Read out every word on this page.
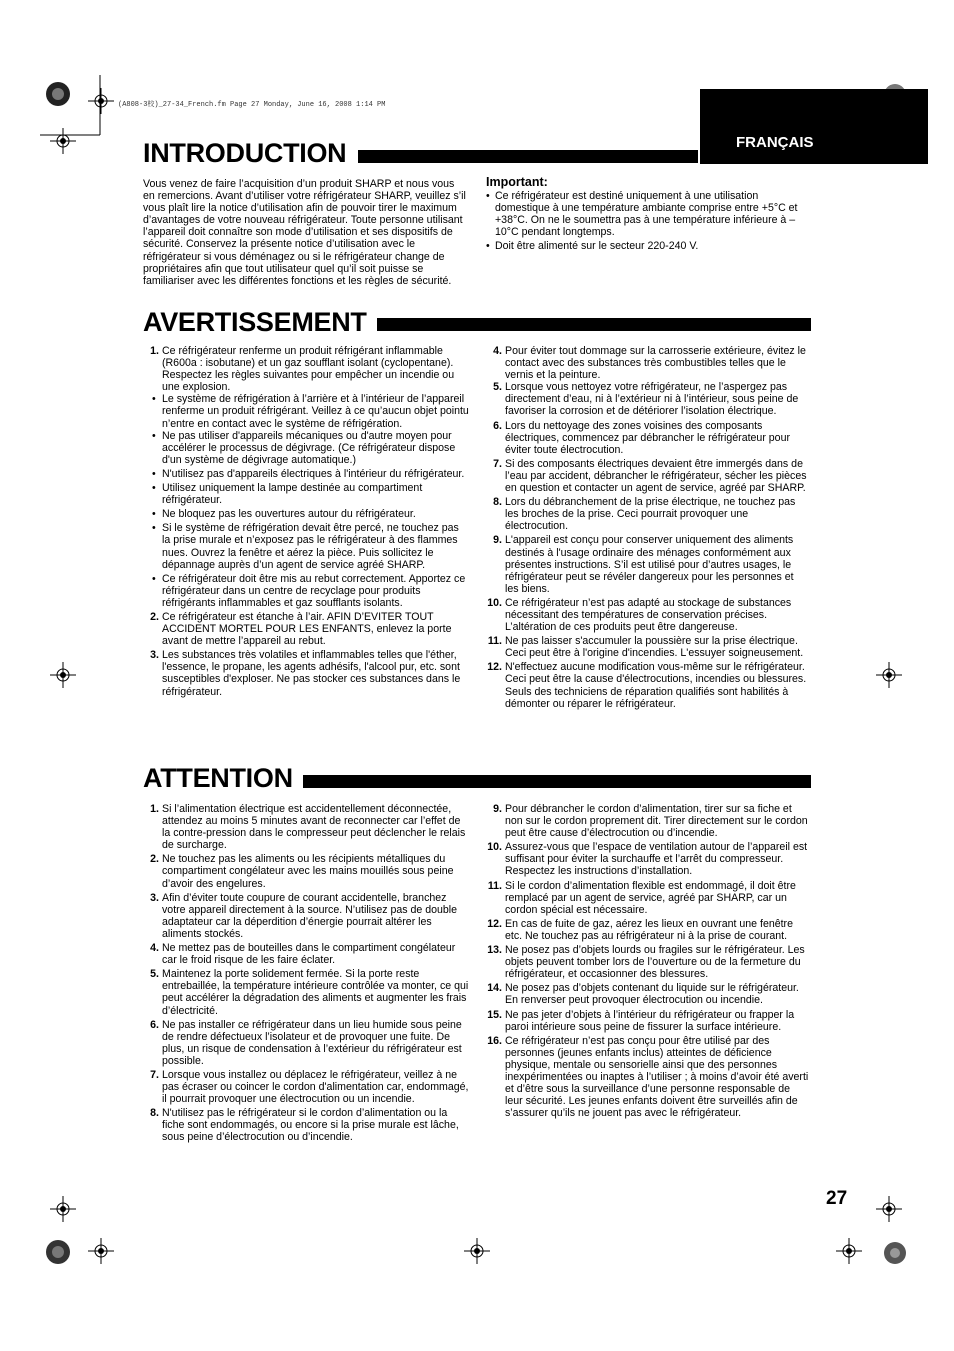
(A808-3校)_27-34_French.fm Page 27 Monday, June 16, 2008 1:14 PM
FRANÇAIS
INTRODUCTION

Vous venez de faire l’acquisition d’un produit SHARP et nous vous en remercions. Avant d’utiliser votre réfrigérateur SHARP, veuillez s’il vous plaît lire la notice d’utilisation afin de pouvoir tirer le maximum d’avantages de votre nouveau réfrigérateur. Toute personne utilisant l’appareil doit connaître son mode d’utilisation et ses dispositifs de sécurité. Conservez la présente notice d’utilisation avec le réfrigérateur si vous déménagez ou si le réfrigérateur change de propriétaires afin que tout utilisateur quel qu’il soit puisse se familiariser avec les différentes fonctions et les règles de sécurité.

Important:
• Ce réfrigérateur est destiné uniquement à une utilisation domestique à une température ambiante comprise entre +5°C et +38°C. On ne le soumettra pas à une température inférieure à –10°C pendant longtemps.
• Doit être alimenté sur le secteur 220-240 V.
AVERTISSEMENT
1. Ce réfrigérateur renferme un produit réfrigérant inflammable (R600a : isobutane) et un gaz soufflant isolant (cyclopentane). Respectez les règles suivantes pour empêcher un incendie ou une explosion.
• Le système de réfrigération à l’arrière et à l’intérieur de l’appareil renferme un produit réfrigérant. Veillez à ce qu’aucun objet pointu n’entre en contact avec le système de réfrigération.
• Ne pas utiliser d'appareils mécaniques ou d'autre moyen pour accélérer le processus de dégivrage. (Ce réfrigérateur dispose d'un système de dégivrage automatique.)
• N'utilisez pas d'appareils électriques à l'intérieur du réfrigérateur.
• Utilisez uniquement la lampe destinée au compartiment réfrigérateur.
• Ne bloquez pas les ouvertures autour du réfrigérateur.
• Si le système de réfrigération devait être percé, ne touchez pas la prise murale et n’exposez pas le réfrigérateur à des flammes nues. Ouvrez la fenêtre et aérez la pièce. Puis sollicitez le dépannage auprès d’un agent de service agréé SHARP.
• Ce réfrigérateur doit être mis au rebut correctement. Apportez ce réfrigérateur dans un centre de recyclage pour produits réfrigérants inflammables et gaz soufflants isolants.
2. Ce réfrigérateur est étanche à l’air. AFIN D’EVITER TOUT ACCIDENT MORTEL POUR LES ENFANTS, enlevez la porte avant de mettre l’appareil au rebut.
3. Les substances très volatiles et inflammables telles que l'éther, l'essence, le propane, les agents adhésifs, l'alcool pur, etc. sont susceptibles d'exploser. Ne pas stocker ces substances dans le réfrigérateur.
4. Pour éviter tout dommage sur la carrosserie extérieure, évitez le contact avec des substances très combustibles telles que le vernis et la peinture.
5. Lorsque vous nettoyez votre réfrigérateur, ne l’aspergez pas directement d’eau, ni à l’extérieur ni à l’intérieur, sous peine de favoriser la corrosion et de détériorer l’isolation électrique.
6. Lors du nettoyage des zones voisines des composants électriques, commencez par débrancher le réfrigérateur pour éviter toute électrocution.
7. Si des composants électriques devaient être immergés dans de l’eau par accident, débrancher le réfrigérateur, sécher les pièces en question et contacter un agent de service, agréé par SHARP.
8. Lors du débranchement de la prise électrique, ne touchez pas les broches de la prise. Ceci pourrait provoquer une électrocution.
9. L'appareil est conçu pour conserver uniquement des aliments destinés à l'usage ordinaire des ménages conformément aux présentes instructions. S’il est utilisé pour d’autres usages, le réfrigérateur peut se révéler dangereux pour les personnes et les biens.
10. Ce réfrigérateur n’est pas adapté au stockage de substances nécessitant des températures de conservation précises. L’altération de ces produits peut être dangereuse.
11. Ne pas laisser s'accumuler la poussière sur la prise électrique. Ceci peut être à l'origine d'incendies. L'essuyer soigneusement.
12. N'effectuez aucune modification vous-même sur le réfrigérateur. Ceci peut être la cause d'électrocutions, incendies ou blessures. Seuls des techniciens de réparation qualifiés sont habilités à démonter ou réparer le réfrigérateur.
ATTENTION
1. Si l’alimentation électrique est accidentellement déconnectée, attendez au moins 5 minutes avant de reconnecter car l’effet de la contre-pression dans le compresseur peut déclencher le relais de surcharge.
2. Ne touchez pas les aliments ou les récipients métalliques du compartiment congélateur avec les mains mouillés sous peine d’avoir des engelures.
3. Afin d’éviter toute coupure de courant accidentelle, branchez votre appareil directement à la source. N’utilisez pas de double adaptateur car la déperdition d’énergie pourrait altérer les aliments stockés.
4. Ne mettez pas de bouteilles dans le compartiment congélateur car le froid risque de les faire éclater.
5. Maintenez la porte solidement fermée. Si la porte reste entrebaillée, la température intérieure contrôlée va monter, ce qui peut accélérer la dégradation des aliments et augmenter les frais d’électricité.
6. Ne pas installer ce réfrigérateur dans un lieu humide sous peine de rendre défectueux l’isolateur et de provoquer une fuite. De plus, un risque de condensation à l’extérieur du réfrigérateur est possible.
7. Lorsque vous installez ou déplacez le réfrigérateur, veillez à ne pas écraser ou coincer le cordon d'alimentation car, endommagé, il pourrait provoquer une électrocution ou un incendie.
8. N'utilisez pas le réfrigérateur si le cordon d’alimentation ou la fiche sont endommagés, ou encore si la prise murale est lâche, sous peine d’électrocution ou d’incendie.
9. Pour débrancher le cordon d’alimentation, tirer sur sa fiche et non sur le cordon proprement dit. Tirer directement sur le cordon peut être cause d’électrocution ou d’incendie.
10. Assurez-vous que l’espace de ventilation autour de l’appareil est suffisant pour éviter la surchauffe et l’arrêt du compresseur. Respectez les instructions d’installation.
11. Si le cordon d’alimentation flexible est endommagé, il doit être remplacé par un agent de service, agréé par SHARP, car un cordon spécial est nécessaire.
12. En cas de fuite de gaz, aérez les lieux en ouvrant une fenêtre etc. Ne touchez pas au réfrigérateur ni à la prise de courant.
13. Ne posez pas d’objets lourds ou fragiles sur le réfrigérateur. Les objets peuvent tomber lors de l’ouverture ou de la fermeture du réfrigérateur, et occasionner des blessures.
14. Ne posez pas d’objets contenant du liquide sur le réfrigérateur. En renverser peut provoquer électrocution ou incendie.
15. Ne pas jeter d’objets à l’intérieur du réfrigérateur ou frapper la paroi intérieure sous peine de fissurer la surface intérieure.
16. Ce réfrigérateur n’est pas conçu pour être utilisé par des personnes (jeunes enfants inclus) atteintes de déficience physique, mentale ou sensorielle ainsi que des personnes inexpérimentées ou inaptes à l’utiliser ; à moins d’avoir été averti et d’être sous la surveillance d’une personne responsable de leur sécurité. Les jeunes enfants doivent être surveillés afin de s’assurer qu’ils ne jouent pas avec le réfrigérateur.
27
